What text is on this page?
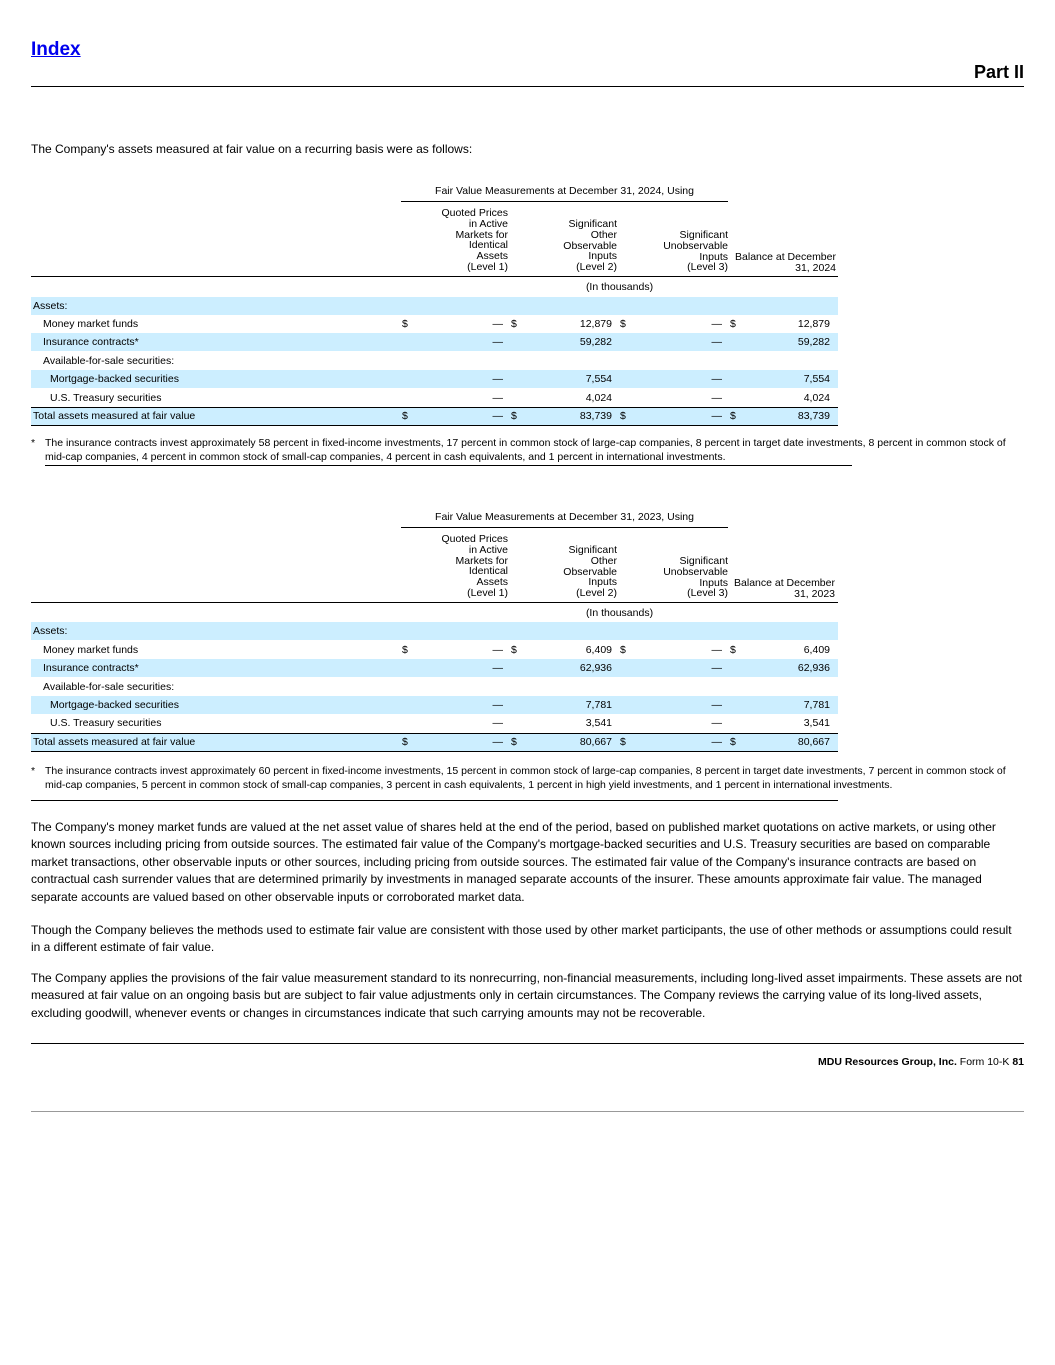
Index
Part II
The Company's assets measured at fair value on a recurring basis were as follows:
Fair Value Measurements at December 31, 2024, Using
Quoted Prices
in Active
Markets for
Identical
Assets
(Level 1)
Significant
Other
Observable
Inputs
(Level 2)
Significant
Unobservable
Inputs
(Level 3)
Balance at December
31, 2024
(In thousands)
Assets:
Money market funds	$	— $	12,879 $	— $	12,879
Insurance contracts*	—	59,282	—	59,282
Available-for-sale securities:
Mortgage-backed securities	—	7,554	—	7,554
U.S. Treasury securities	—	4,024	—	4,024
Total assets measured at fair value	$	— $	83,739 $	— $	83,739
* The insurance contracts invest approximately 58 percent in fixed-income investments, 17 percent in common stock of large-cap companies, 8 percent in target date investments, 8 percent in common stock of mid-cap companies, 4 percent in common stock of small-cap companies, 4 percent in cash equivalents, and 1 percent in international investments.
Fair Value Measurements at December 31, 2023, Using
Quoted Prices
in Active
Markets for
Identical
Assets
(Level 1)
Significant
Other
Observable
Inputs
(Level 2)
Significant
Unobservable
Inputs
(Level 3)
Balance at December
31, 2023
(In thousands)
Assets:
Money market funds	$	— $	6,409 $	— $	6,409
Insurance contracts*	—	62,936	—	62,936
Available-for-sale securities:
Mortgage-backed securities	—	7,781	—	7,781
U.S. Treasury securities	—	3,541	—	3,541
Total assets measured at fair value	$	— $	80,667 $	— $	80,667
* The insurance contracts invest approximately 60 percent in fixed-income investments, 15 percent in common stock of large-cap companies, 8 percent in target date investments, 7 percent in common stock of mid-cap companies, 5 percent in common stock of small-cap companies, 3 percent in cash equivalents, 1 percent in high yield investments, and 1 percent in international investments.
The Company's money market funds are valued at the net asset value of shares held at the end of the period, based on published market quotations on active markets, or using other known sources including pricing from outside sources. The estimated fair value of the Company's mortgage-backed securities and U.S. Treasury securities are based on comparable market transactions, other observable inputs or other sources, including pricing from outside sources. The estimated fair value of the Company's insurance contracts are based on contractual cash surrender values that are determined primarily by investments in managed separate accounts of the insurer. These amounts approximate fair value. The managed separate accounts are valued based on other observable inputs or corroborated market data.
Though the Company believes the methods used to estimate fair value are consistent with those used by other market participants, the use of other methods or assumptions could result in a different estimate of fair value.
The Company applies the provisions of the fair value measurement standard to its nonrecurring, non-financial measurements, including long-lived asset impairments. These assets are not measured at fair value on an ongoing basis but are subject to fair value adjustments only in certain circumstances. The Company reviews the carrying value of its long-lived assets, excluding goodwill, whenever events or changes in circumstances indicate that such carrying amounts may not be recoverable.
MDU Resources Group, Inc. Form 10-K 81
